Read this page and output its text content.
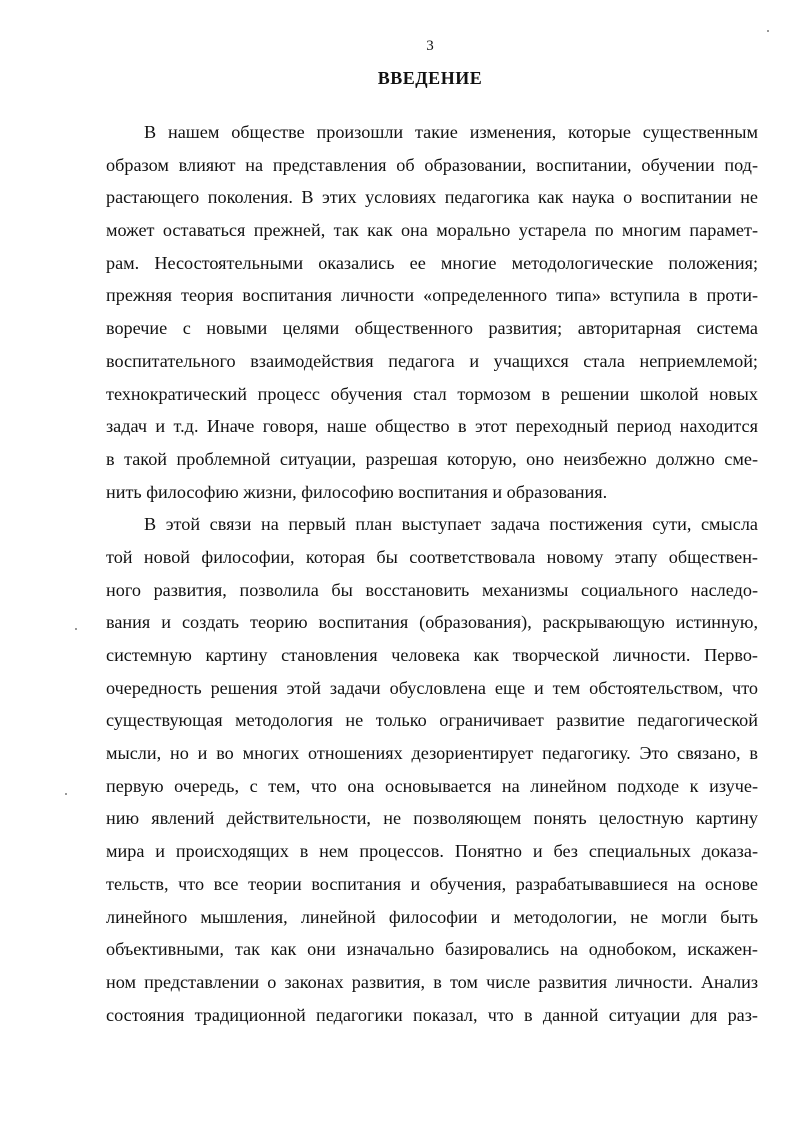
3
ВВЕДЕНИЕ
В нашем обществе произошли такие изменения, которые существенным
образом влияют на представления об образовании, воспитании, обучении под-
растающего поколения. В этих условиях педагогика как наука о воспитании не
может оставаться прежней, так как она морально устарела по многим парамет-
рам. Несостоятельными оказались ее многие методологические положения;
прежняя теория воспитания личности «определенного типа» вступила в проти-
воречие с новыми целями общественного развития; авторитарная система
воспитательного взаимодействия педагога и учащихся стала неприемлемой;
технократический процесс обучения стал тормозом в решении школой новых
задач и т.д. Иначе говоря, наше общество в этот переходный период находится
в такой проблемной ситуации, разрешая которую, оно неизбежно должно сме-
нить философию жизни, философию воспитания и образования.
В этой связи на первый план выступает задача постижения сути, смысла
той новой философии, которая бы соответствовала новому этапу обществен-
ного развития, позволила бы восстановить механизмы социального наследо-
вания и создать теорию воспитания (образования), раскрывающую истинную,
системную картину становления человека как творческой личности. Перво-
очередность решения этой задачи обусловлена еще и тем обстоятельством, что
существующая методология не только ограничивает развитие педагогической
мысли, но и во многих отношениях дезориентирует педагогику. Это связано, в
первую очередь, с тем, что она основывается на линейном подходе к изуче-
нию явлений действительности, не позволяющем понять целостную картину
мира и происходящих в нем процессов. Понятно и без специальных доказа-
тельств, что все теории воспитания и обучения, разрабатывавшиеся на основе
линейного мышления, линейной философии и методологии, не могли быть
объективными, так как они изначально базировались на однобоком, искажен-
ном представлении о законах развития, в том числе развития личности. Анализ
состояния традиционной педагогики показал, что в данной ситуации для раз-
